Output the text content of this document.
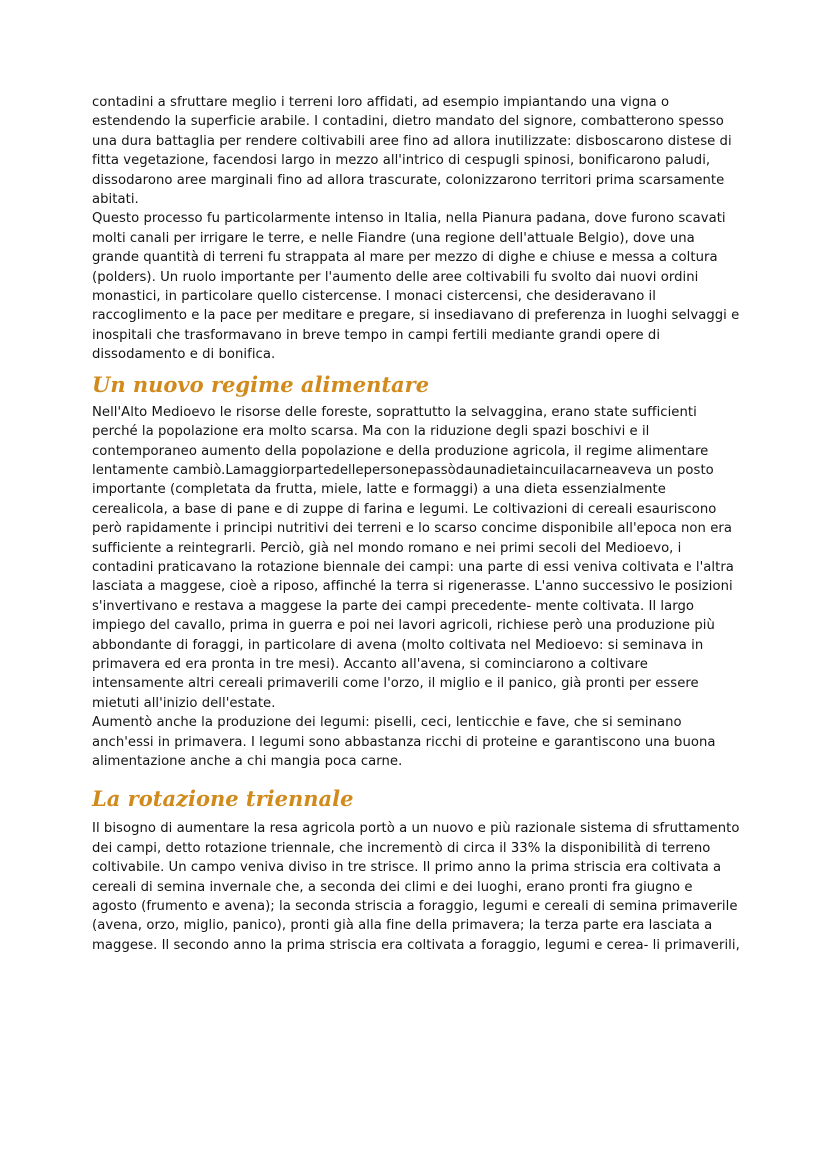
contadini a sfruttare meglio i terreni loro affidati, ad esempio impiantando una vigna o estendendo la superficie arabile. I contadini, dietro mandato del signore, combatterono spesso una dura battaglia per rendere coltivabili aree fino ad allora inutilizzate: disboscarono distese di fitta vegetazione, facendosi largo in mezzo all'intrico di cespugli spinosi, bonificarono paludi, dissodarono aree marginali fino ad allora trascurate, colonizzarono territori prima scarsamente abitati.

Questo processo fu particolarmente intenso in Italia, nella Pianura padana, dove furono scavati molti canali per irrigare le terre, e nelle Fiandre (una regione dell'attuale Belgio), dove una grande quantità di terreni fu strappata al mare per mezzo di dighe e chiuse e messa a coltura (polders). Un ruolo importante per l'aumento delle aree coltivabili fu svolto dai nuovi ordini monastici, in particolare quello cistercense. I monaci cistercensi, che desideravano il raccoglimento e la pace per meditare e pregare, si insediavano di preferenza in luoghi selvaggi e inospitali che trasformavano in breve tempo in campi fertili mediante grandi opere di dissodamento e di bonifica.

Un nuovo regime alimentare

Nell'Alto Medioevo le risorse delle foreste, soprattutto la selvaggina, erano state sufficienti perché la popolazione era molto scarsa. Ma con la riduzione degli spazi boschivi e il contemporaneo aumento della popolazione e della produzione agricola, il regime alimentare lentamente cambiò.Lamaggiorpartedellepersonepassòdaunadietaincuilacarneaveva un posto importante (completata da frutta, miele, latte e formaggi) a una dieta essenzialmente cerealicola, a base di pane e di zuppe di farina e legumi. Le coltivazioni di cereali esauriscono però rapidamente i principi nutritivi dei terreni e lo scarso concime disponibile all'epoca non era sufficiente a reintegrarli. Perciò, già nel mondo romano e nei primi secoli del Medioevo, i contadini praticavano la rotazione biennale dei campi: una parte di essi veniva coltivata e l'altra lasciata a maggese, cioè a riposo, affinché la terra si rigenerasse. L'anno successivo le posizioni s'invertivano e restava a maggese la parte dei campi precedente- mente coltivata. Il largo impiego del cavallo, prima in guerra e poi nei lavori agricoli, richiese però una produzione più abbondante di foraggi, in particolare di avena (molto coltivata nel Medioevo: si seminava in primavera ed era pronta in tre mesi). Accanto all'avena, si cominciarono a coltivare intensamente altri cereali primaverili come l'orzo, il miglio e il panico, già pronti per essere mietuti all'inizio dell'estate.

Aumentò anche la produzione dei legumi: piselli, ceci, lenticchie e fave, che si seminano anch'essi in primavera. I legumi sono abbastanza ricchi di proteine e garantiscono una buona alimentazione anche a chi mangia poca carne.

La rotazione triennale

Il bisogno di aumentare la resa agricola portò a un nuovo e più razionale sistema di sfruttamento dei campi, detto rotazione triennale, che incrementò di circa il 33% la disponibilità di terreno coltivabile. Un campo veniva diviso in tre strisce. Il primo anno la prima striscia era coltivata a cereali di semina invernale che, a seconda dei climi e dei luoghi, erano pronti fra giugno e agosto (frumento e avena); la seconda striscia a foraggio, legumi e cereali di semina primaverile (avena, orzo, miglio, panico), pronti già alla fine della primavera; la terza parte era lasciata a maggese. Il secondo anno la prima striscia era coltivata a foraggio, legumi e cerea- li primaverili,
